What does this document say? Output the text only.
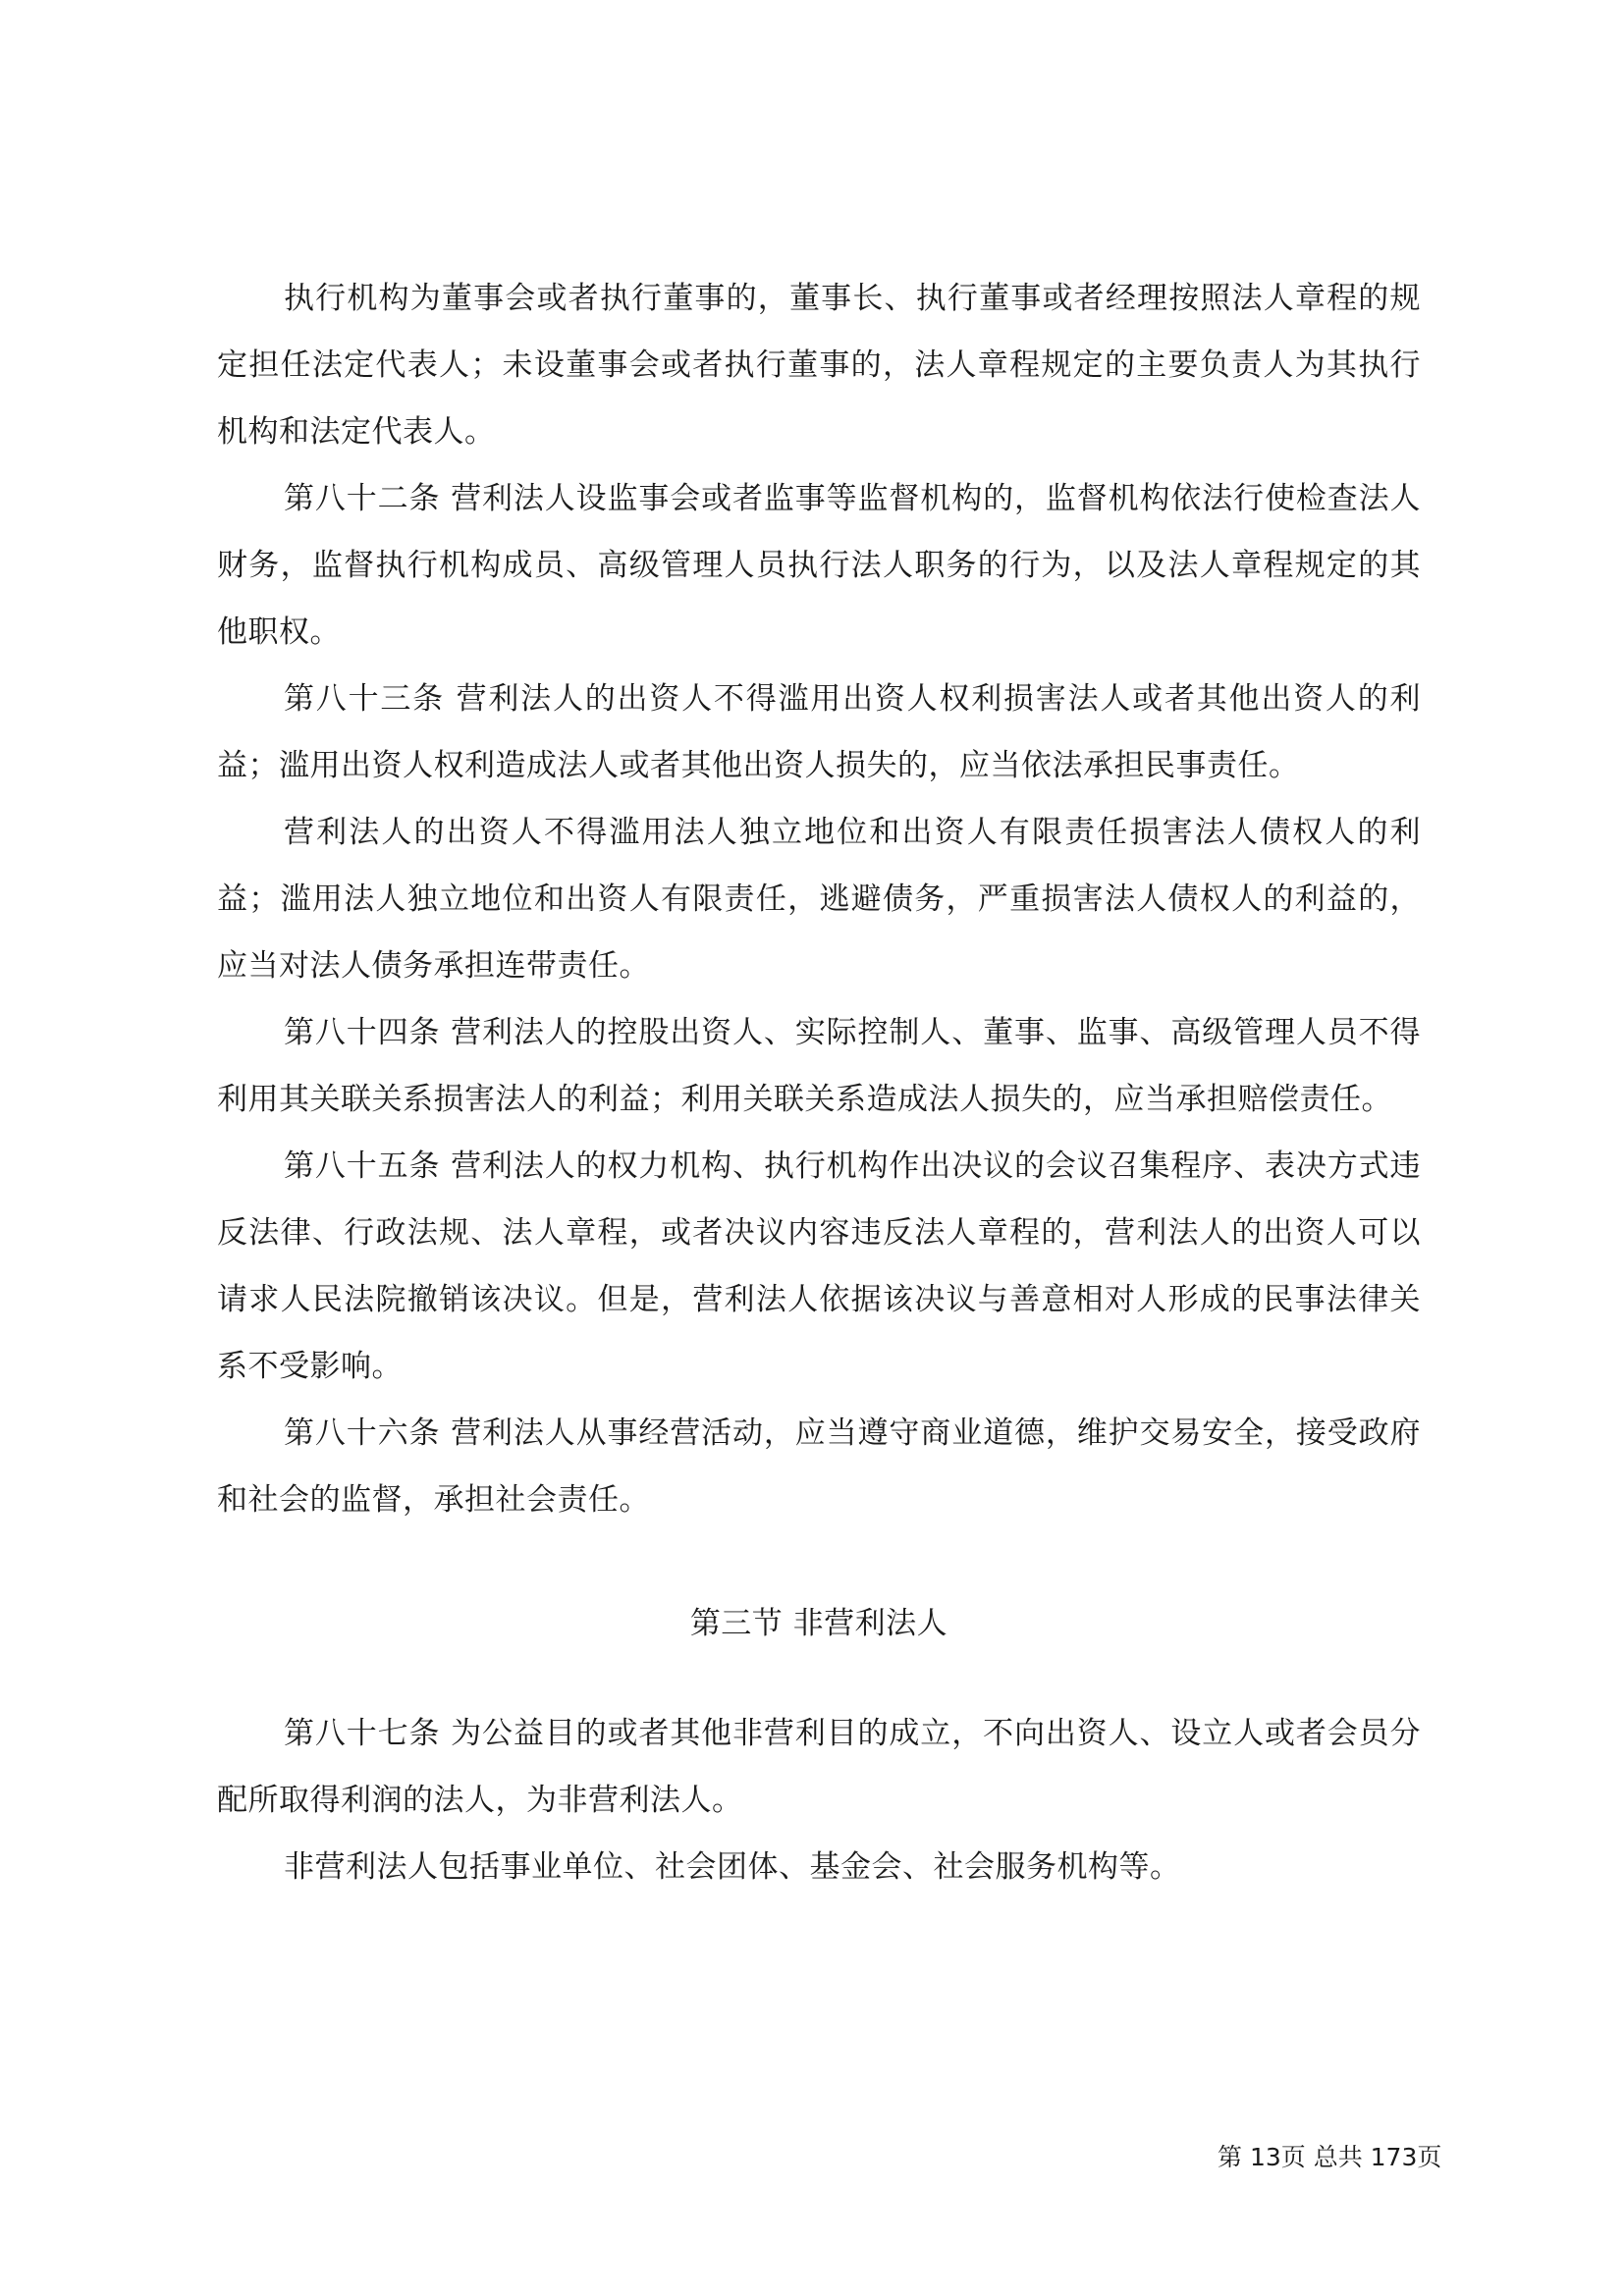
执行机构为董事会或者执行董事的，董事长、执行董事或者经理按照法人章程的规定担任法定代表人；未设董事会或者执行董事的，法人章程规定的主要负责人为其执行机构和法定代表人。

第八十二条 营利法人设监事会或者监事等监督机构的，监督机构依法行使检查法人财务，监督执行机构成员、高级管理人员执行法人职务的行为，以及法人章程规定的其他职权。

第八十三条 营利法人的出资人不得滥用出资人权利损害法人或者其他出资人的利益；滥用出资人权利造成法人或者其他出资人损失的，应当依法承担民事责任。

营利法人的出资人不得滥用法人独立地位和出资人有限责任损害法人债权人的利益；滥用法人独立地位和出资人有限责任，逃避债务，严重损害法人债权人的利益的，应当对法人债务承担连带责任。

第八十四条 营利法人的控股出资人、实际控制人、董事、监事、高级管理人员不得利用其关联关系损害法人的利益；利用关联关系造成法人损失的，应当承担赔偿责任。

第八十五条 营利法人的权力机构、执行机构作出决议的会议召集程序、表决方式违反法律、行政法规、法人章程，或者决议内容违反法人章程的，营利法人的出资人可以请求人民法院撤销该决议。但是，营利法人依据该决议与善意相对人形成的民事法律关系不受影响。

第八十六条 营利法人从事经营活动，应当遵守商业道德，维护交易安全，接受政府和社会的监督，承担社会责任。

第三节 非营利法人

第八十七条 为公益目的或者其他非营利目的成立，不向出资人、设立人或者会员分配所取得利润的法人，为非营利法人。

非营利法人包括事业单位、社会团体、基金会、社会服务机构等。

第 13页 总共 173页
